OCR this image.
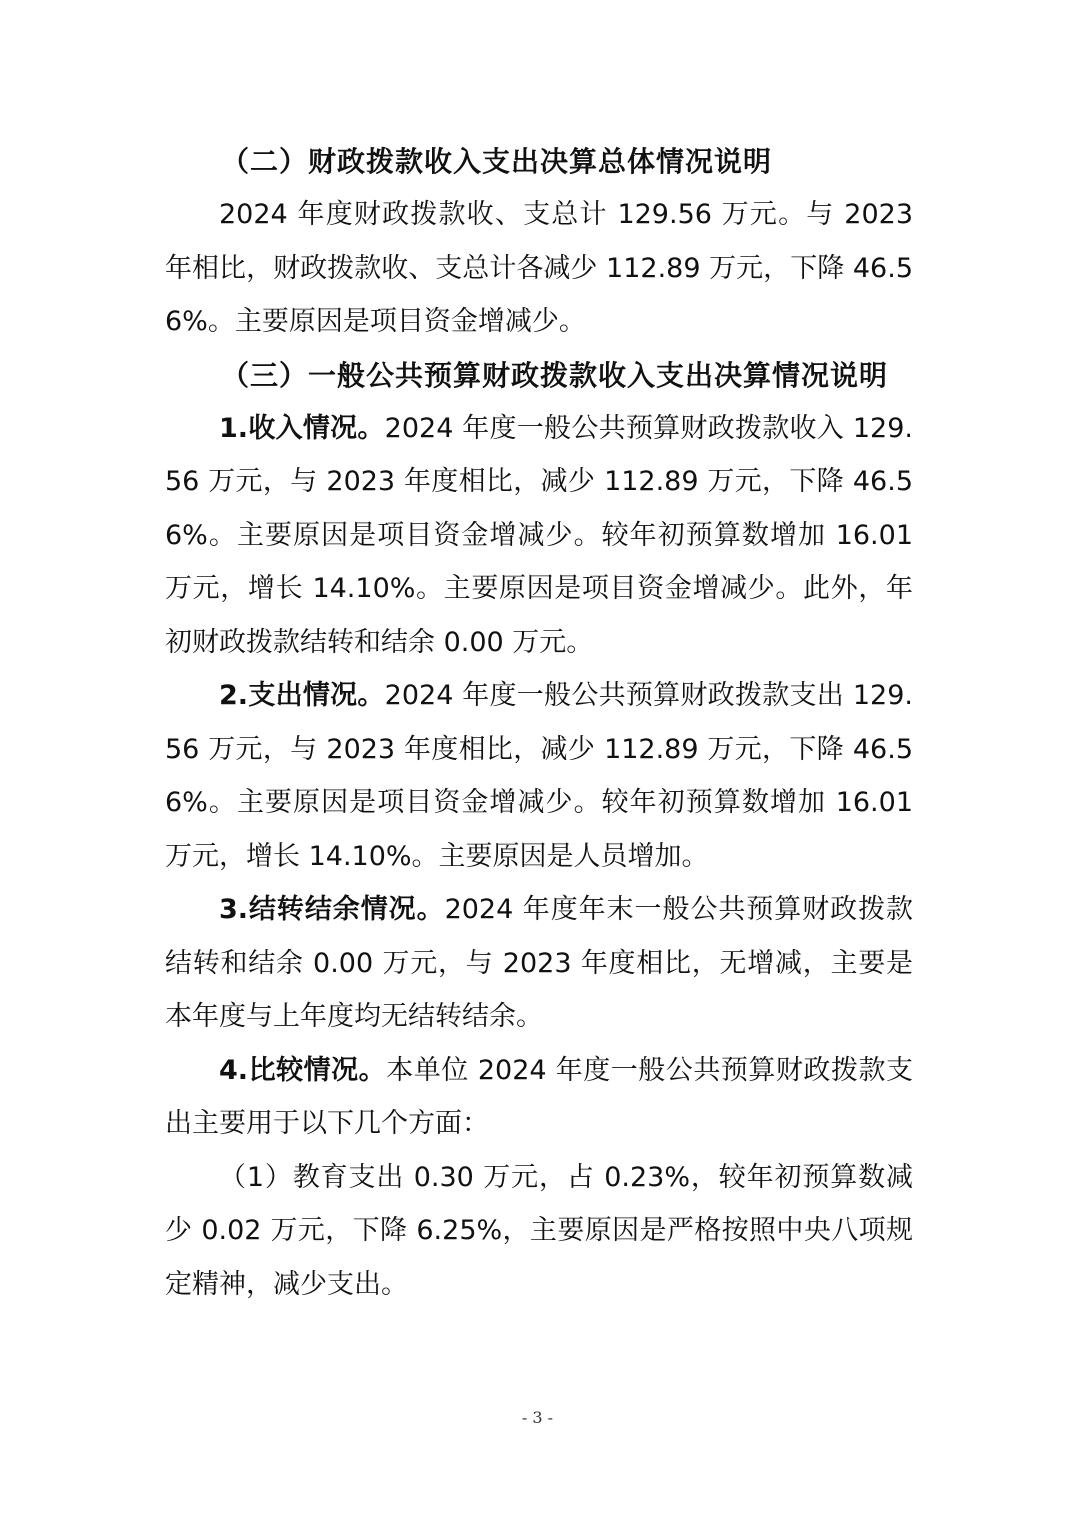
（二）财政拨款收入支出决算总体情况说明

2024 年度财政拨款收、支总计 129.56 万元。与 2023 年相比，财政拨款收、支总计各减少 112.89 万元，下降 46.56%。主要原因是项目资金增减少。

（三）一般公共预算财政拨款收入支出决算情况说明

1.收入情况。2024 年度一般公共预算财政拨款收入 129.56 万元，与 2023 年度相比，减少 112.89 万元，下降 46.56%。主要原因是项目资金增减少。较年初预算数增加 16.01 万元，增长 14.10%。主要原因是项目资金增减少。此外，年初财政拨款结转和结余 0.00 万元。

2.支出情况。2024 年度一般公共预算财政拨款支出 129.56 万元，与 2023 年度相比，减少 112.89 万元，下降 46.56%。主要原因是项目资金增减少。较年初预算数增加 16.01 万元，增长 14.10%。主要原因是人员增加。

3.结转结余情况。2024 年度年末一般公共预算财政拨款结转和结余 0.00 万元，与 2023 年度相比，无增减，主要是本年度与上年度均无结转结余。

4.比较情况。本单位 2024 年度一般公共预算财政拨款支出主要用于以下几个方面：

（1）教育支出 0.30 万元，占 0.23%，较年初预算数减少 0.02 万元，下降 6.25%，主要原因是严格按照中央八项规定精神，减少支出。

- 3 -
